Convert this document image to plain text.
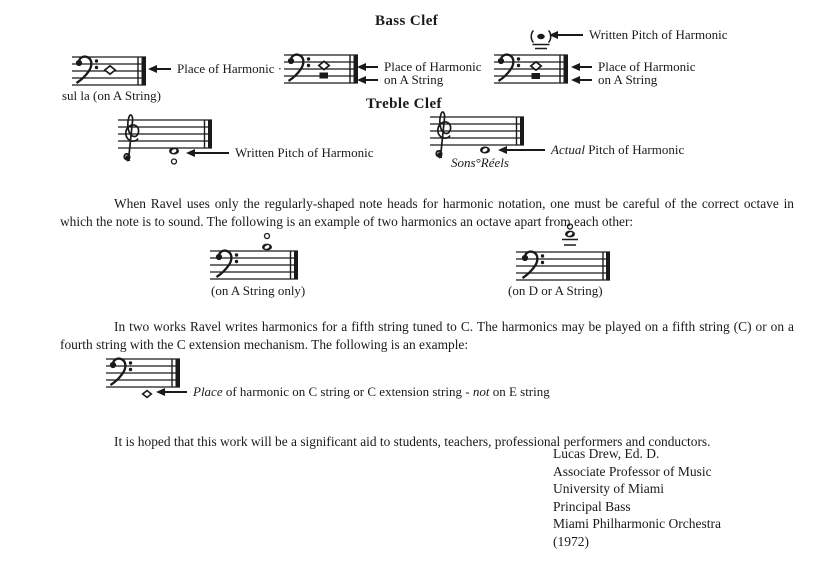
Bass Clef
Place of Harmonic ·
sul la (on A String)
Place of Harmonic
on A String
Written Pitch of Harmonic
Place of Harmonic
on A String
Treble Clef
Written Pitch of Harmonic
Sons°Réels
Actual Pitch of Harmonic

When Ravel uses only the regularly-shaped note heads for harmonic notation, one must be careful of the correct octave in which the note is to sound. The following is an example of two harmonics an octave apart from each other:

(on A String only)	(on D or A String)

In two works Ravel writes harmonics for a fifth string tuned to C. The harmonics may be played on a fifth string (C) or on a fourth string with the C extension mechanism. The following is an example:

Place of harmonic on C string or C extension string - not on E string

It is hoped that this work will be a significant aid to students, teachers, professional performers and conductors.

Lucas Drew, Ed. D.
Associate Professor of Music
University of Miami
Principal Bass
Miami Philharmonic Orchestra
(1972)
